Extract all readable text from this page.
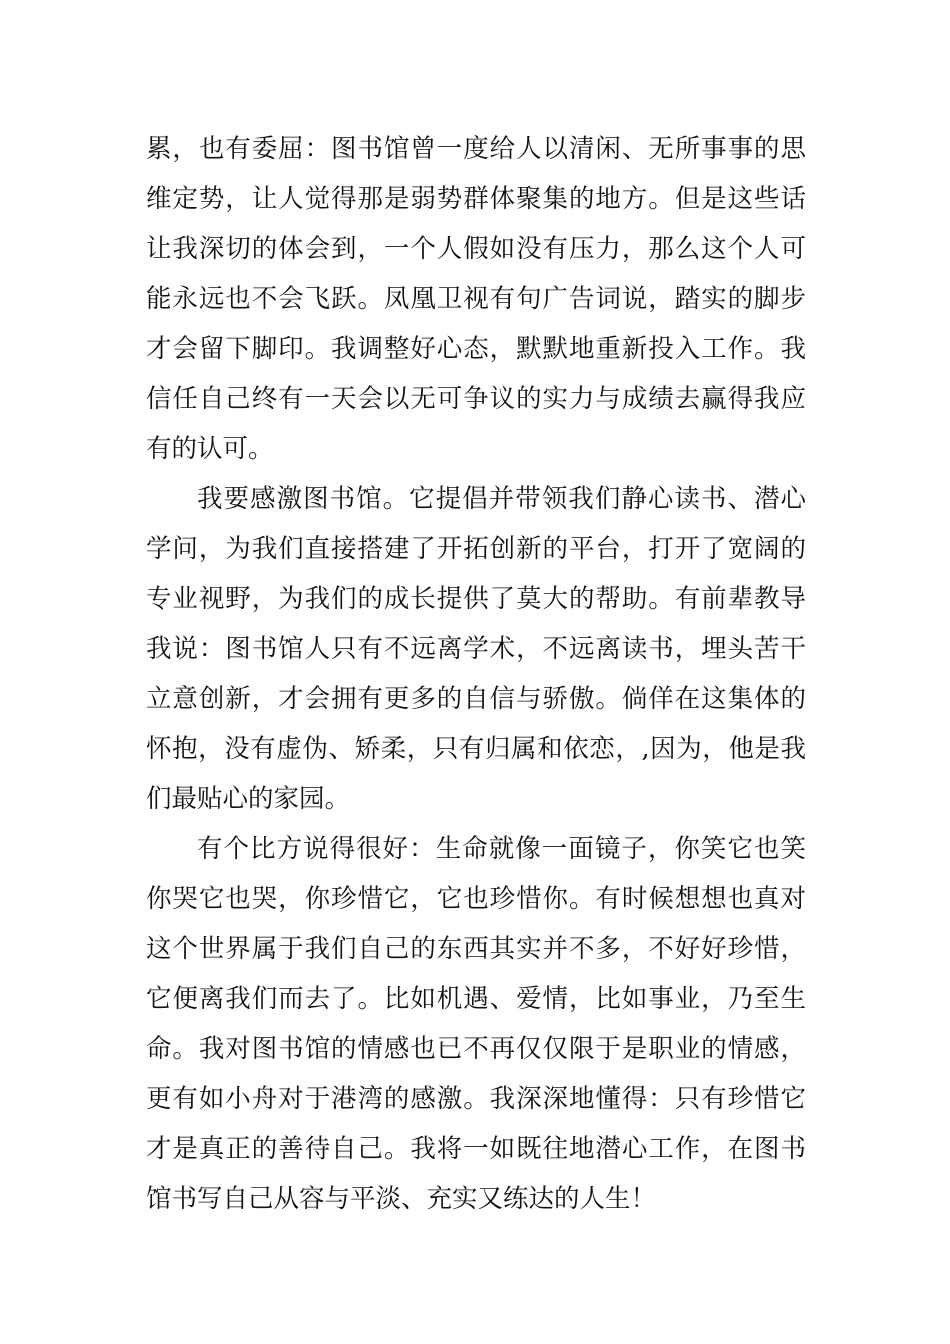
累，也有委屈：图书馆曾一度给人以清闲、无所事事的思
维定势，让人觉得那是弱势群体聚集的地方。但是这些话
让我深切的体会到，一个人假如没有压力，那么这个人可
能永远也不会飞跃。凤凰卫视有句广告词说，踏实的脚步
才会留下脚印。我调整好心态，默默地重新投入工作。我
信任自己终有一天会以无可争议的实力与成绩去赢得我应
有的认可。
我要感激图书馆。它提倡并带领我们静心读书、潜心
学问，为我们直接搭建了开拓创新的平台，打开了宽阔的
专业视野，为我们的成长提供了莫大的帮助。有前辈教导
我说：图书馆人只有不远离学术，不远离读书，埋头苦干
立意创新，才会拥有更多的自信与骄傲。倘佯在这集体的
怀抱，没有虚伪、矫柔，只有归属和依恋，,因为，他是我
们最贴心的家园。
有个比方说得很好：生命就像一面镜子，你笑它也笑
你哭它也哭，你珍惜它，它也珍惜你。有时候想想也真对
这个世界属于我们自己的东西其实并不多，不好好珍惜，
它便离我们而去了。比如机遇、爱情，比如事业，乃至生
命。我对图书馆的情感也已不再仅仅限于是职业的情感，
更有如小舟对于港湾的感激。我深深地懂得：只有珍惜它
才是真正的善待自己。我将一如既往地潜心工作，在图书
馆书写自己从容与平淡、充实又练达的人生！
